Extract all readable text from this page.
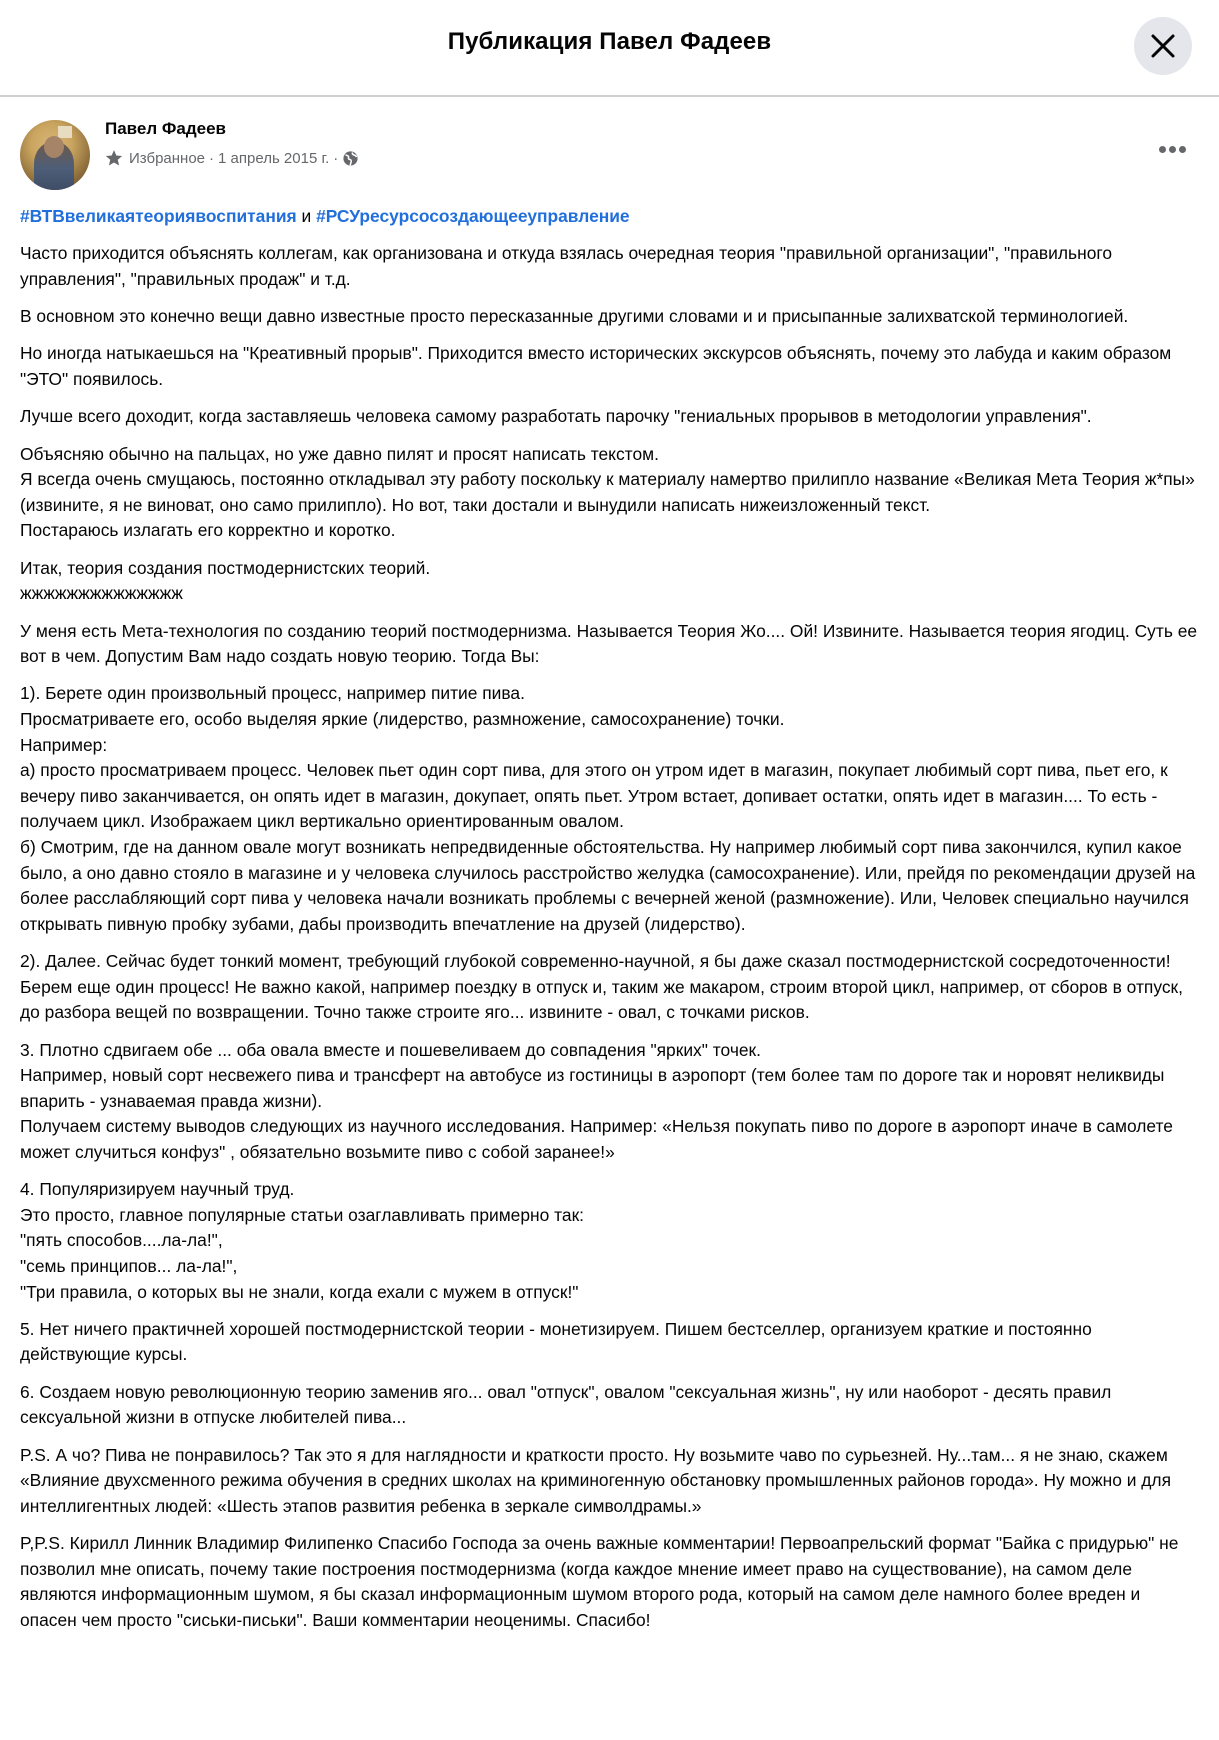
Публикация Павел Фадеев
Павел Фадеев
Избранное · 1 апрель 2015 г. ·

#ВТВвеликаятеориявоспитания и #РСУресурсосоздающееуправление

Часто приходится объяснять коллегам, как организована и откуда взялась очередная теория "правильной организации", "правильного управления", "правильных продаж" и т.д.

В основном это конечно вещи давно известные просто пересказанные другими словами и и присыпанные залихватской терминологией.

Но иногда натыкаешься на "Креативный прорыв". Приходится вместо исторических экскурсов объяснять, почему это лабуда и каким образом "ЭТО" появилось.

Лучше всего доходит, когда заставляешь человека самому разработать парочку "гениальных прорывов в методологии управления".

Объясняю обычно на пальцах, но уже давно пилят и просят написать текстом.
Я всегда очень смущаюсь, постоянно откладывал эту работу поскольку к материалу намертво прилипло название «Великая Мета Теория ж*пы» (извините, я не виноват, оно само прилипло). Но вот, таки достали и вынудили написать нижеизложенный текст.
Постараюсь излагать его корректно и коротко.

Итак, теория создания постмодернистских теорий.
жжжжжжжжжжжжжж

У меня есть Мета-технология по созданию теорий постмодернизма. Называется Теория Жо.... Ой! Извините. Называется теория ягодиц. Суть ее вот в чем. Допустим Вам надо создать новую теорию. Тогда Вы:

1). Берете один произвольный процесс, например питие пива.
Просматриваете его, особо выделяя яркие (лидерство, размножение, самосохранение) точки.
Например:
а) просто просматриваем процесс. Человек пьет один сорт пива, для этого он утром идет в магазин, покупает любимый сорт пива, пьет его, к вечеру пиво заканчивается, он опять идет в магазин, докупает, опять пьет. Утром встает, допивает остатки, опять идет в магазин.... То есть - получаем цикл. Изображаем цикл вертикально ориентированным овалом.
б) Смотрим, где на данном овале могут возникать непредвиденные обстоятельства. Ну например любимый сорт пива закончился, купил какое было, а оно давно стояло в магазине и у человека случилось расстройство желудка (самосохранение). Или, прейдя по рекомендации друзей на более расслабляющий сорт пива у человека начали возникать проблемы с вечерней женой (размножение). Или, Человек специально научился открывать пивную пробку зубами, дабы производить впечатление на друзей (лидерство).

2). Далее. Сейчас будет тонкий момент, требующий глубокой современно-научной, я бы даже сказал постмодернистской сосредоточенности!
Берем еще один процесс! Не важно какой, например поездку в отпуск и, таким же макаром, строим второй цикл, например, от сборов в отпуск, до разбора вещей по возвращении. Точно также строите яго... извините - овал, с точками рисков.

3. Плотно сдвигаем обе ... оба овала вместе и пошевеливаем до совпадения "ярких" точек.
Например, новый сорт несвежего пива и трансферт на автобусе из гостиницы в аэропорт (тем более там по дороге так и норовят неликвиды впарить - узнаваемая правда жизни).
Получаем систему выводов следующих из научного исследования. Например: «Нельзя покупать пиво по дороге в аэропорт иначе в самолете может случиться конфуз" , обязательно возьмите пиво с собой заранее!»

4. Популяризируем научный труд.
Это просто, главное популярные статьи озаглавливать примерно так:
"пять способов....ла-ла!",
"семь принципов... ла-ла!",
"Три правила, о которых вы не знали, когда ехали с мужем в отпуск!"

5. Нет ничего практичней хорошей постмодернистской теории - монетизируем. Пишем бестселлер, организуем краткие и постоянно действующие курсы.

6. Создаем новую революционную теорию заменив яго... овал "отпуск", овалом "сексуальная жизнь", ну или наоборот - десять правил сексуальной жизни в отпуске любителей пива...

P.S. А чо? Пива не понравилось? Так это я для наглядности и краткости просто. Ну возьмите чаво по сурьезней. Ну...там... я не знаю, скажем «Влияние двухсменного режима обучения в средних школах на криминогенную обстановку промышленных районов города». Ну можно и для интеллигентных людей: «Шесть этапов развития ребенка в зеркале символдрамы.»

P,P.S. Кирилл Линник Владимир Филипенко Спасибо Господа за очень важные комментарии! Первоапрельский формат "Байка с придурью" не позволил мне описать, почему такие построения постмодернизма (когда каждое мнение имеет право на существование), на самом деле являются информационным шумом, я бы сказал информационным шумом второго рода, который на самом деле намного более вреден и опасен чем просто "сиськи-письки". Ваши комментарии неоценимы. Спасибо!
